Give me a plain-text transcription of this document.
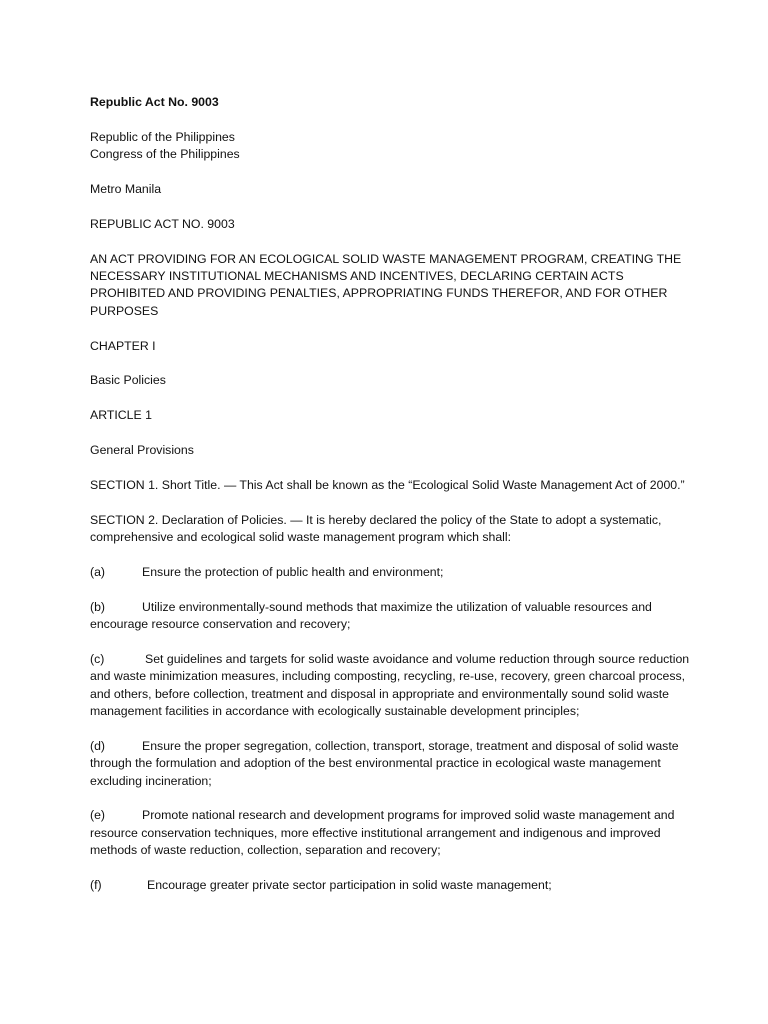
Republic Act No. 9003

Republic of the Philippines
Congress of the Philippines

Metro Manila

REPUBLIC ACT NO. 9003

AN ACT PROVIDING FOR AN ECOLOGICAL SOLID WASTE MANAGEMENT PROGRAM, CREATING THE NECESSARY INSTITUTIONAL MECHANISMS AND INCENTIVES, DECLARING CERTAIN ACTS PROHIBITED AND PROVIDING PENALTIES, APPROPRIATING FUNDS THEREFOR, AND FOR OTHER PURPOSES

CHAPTER I

Basic Policies

ARTICLE 1

General Provisions

SECTION 1. Short Title. — This Act shall be known as the “Ecological Solid Waste Management Act of 2000.”

SECTION 2. Declaration of Policies. — It is hereby declared the policy of the State to adopt a systematic, comprehensive and ecological solid waste management program which shall:

(a)	Ensure the protection of public health and environment;

(b)	Utilize environmentally-sound methods that maximize the utilization of valuable resources and encourage resource conservation and recovery;

(c)	Set guidelines and targets for solid waste avoidance and volume reduction through source reduction and waste minimization measures, including composting, recycling, re-use, recovery, green charcoal process, and others, before collection, treatment and disposal in appropriate and environmentally sound solid waste management facilities in accordance with ecologically sustainable development principles;

(d)	Ensure the proper segregation, collection, transport, storage, treatment and disposal of solid waste through the formulation and adoption of the best environmental practice in ecological waste management excluding incineration;

(e)	Promote national research and development programs for improved solid waste management and resource conservation techniques, more effective institutional arrangement and indigenous and improved methods of waste reduction, collection, separation and recovery;

(f)	Encourage greater private sector participation in solid waste management;
